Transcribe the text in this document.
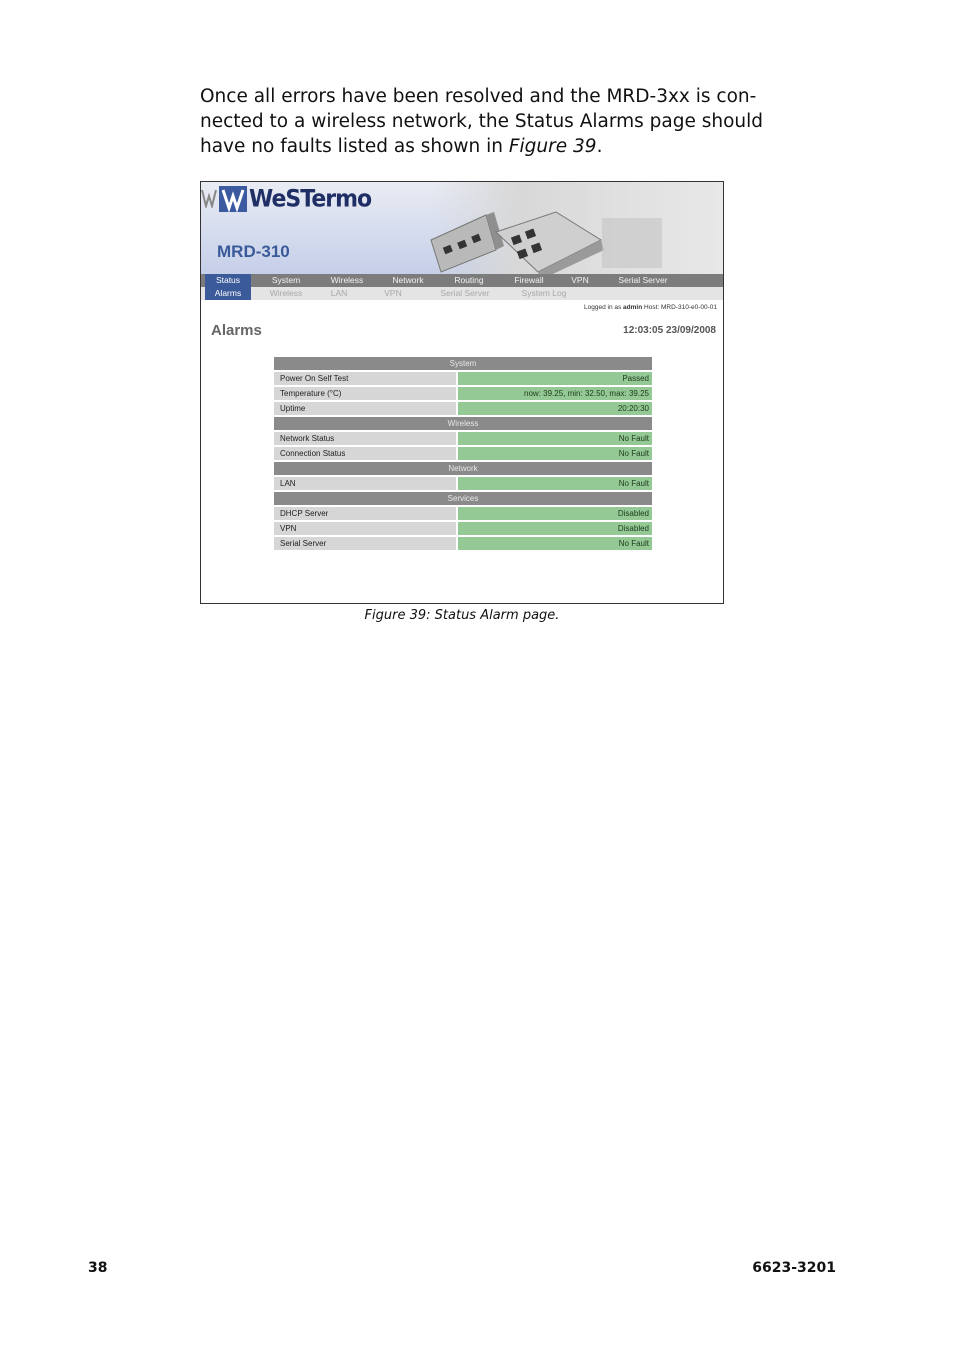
Once all errors have been resolved and the MRD-3xx is con-
nected to a wireless network, the Status Alarms page should
have no faults listed as shown in Figure 39.

WeSTermo
MRD-310
Status	System	Wireless	Network	Routing	Firewall	VPN	Serial Server
Alarms	Wireless	LAN	VPN	Serial Server	System Log
Logged in as admin Host: MRD-310-e0-00-01
Alarms	12:03:05 23/09/2008
System
Power On Self Test	Passed
Temperature (°C)	now: 39.25, min: 32.50, max: 39.25
Uptime	20:20:30
Wireless
Network Status	No Fault
Connection Status	No Fault
Network
LAN	No Fault
Services
DHCP Server	Disabled
VPN	Disabled
Serial Server	No Fault
Figure 39: Status Alarm page.
38	6623-3201
